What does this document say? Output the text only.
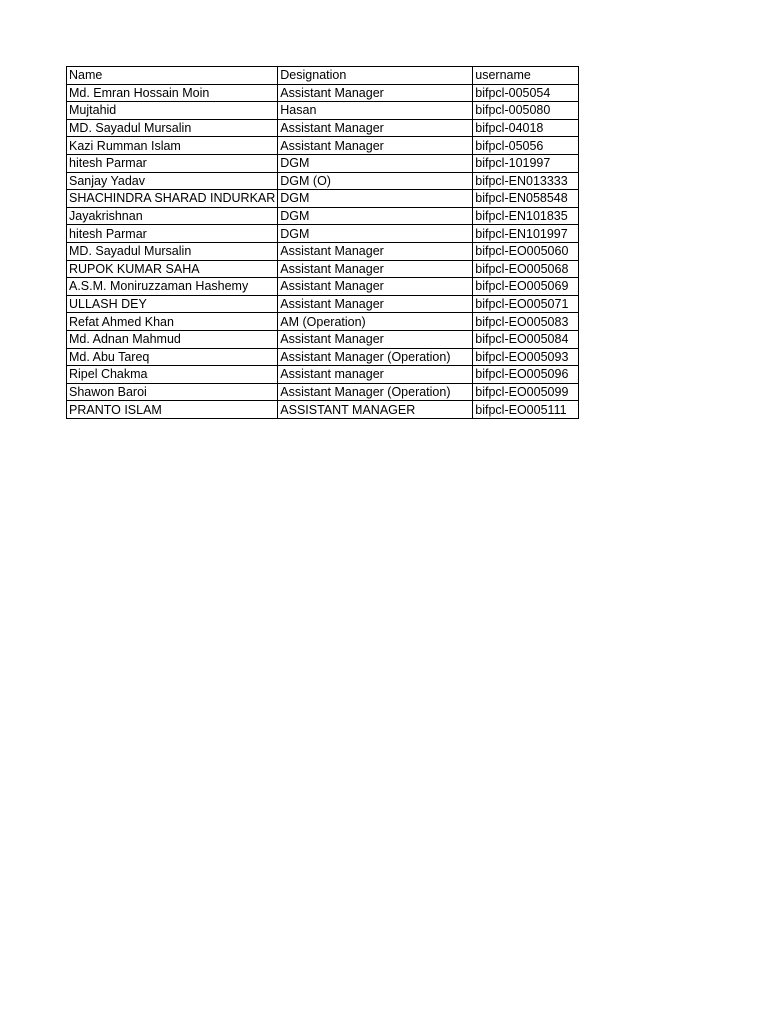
Name	Designation	username
Md. Emran Hossain Moin	Assistant Manager	bifpcl-005054
Mujtahid	Hasan	bifpcl-005080
MD. Sayadul Mursalin	Assistant Manager	bifpcl-04018
Kazi Rumman Islam	Assistant Manager	bifpcl-05056
hitesh Parmar	DGM	bifpcl-101997
Sanjay Yadav	DGM (O)	bifpcl-EN013333
SHACHINDRA SHARAD INDURKAR	DGM	bifpcl-EN058548
Jayakrishnan	DGM	bifpcl-EN101835
hitesh Parmar	DGM	bifpcl-EN101997
MD. Sayadul Mursalin	Assistant Manager	bifpcl-EO005060
RUPOK KUMAR SAHA	Assistant Manager	bifpcl-EO005068
A.S.M. Moniruzzaman Hashemy	Assistant Manager	bifpcl-EO005069
ULLASH DEY	Assistant Manager	bifpcl-EO005071
Refat Ahmed Khan	AM (Operation)	bifpcl-EO005083
Md. Adnan Mahmud	Assistant Manager	bifpcl-EO005084
Md. Abu Tareq	Assistant Manager (Operation)	bifpcl-EO005093
Ripel Chakma	Assistant manager	bifpcl-EO005096
Shawon Baroi	Assistant Manager (Operation)	bifpcl-EO005099
PRANTO ISLAM	ASSISTANT MANAGER	bifpcl-EO005111
